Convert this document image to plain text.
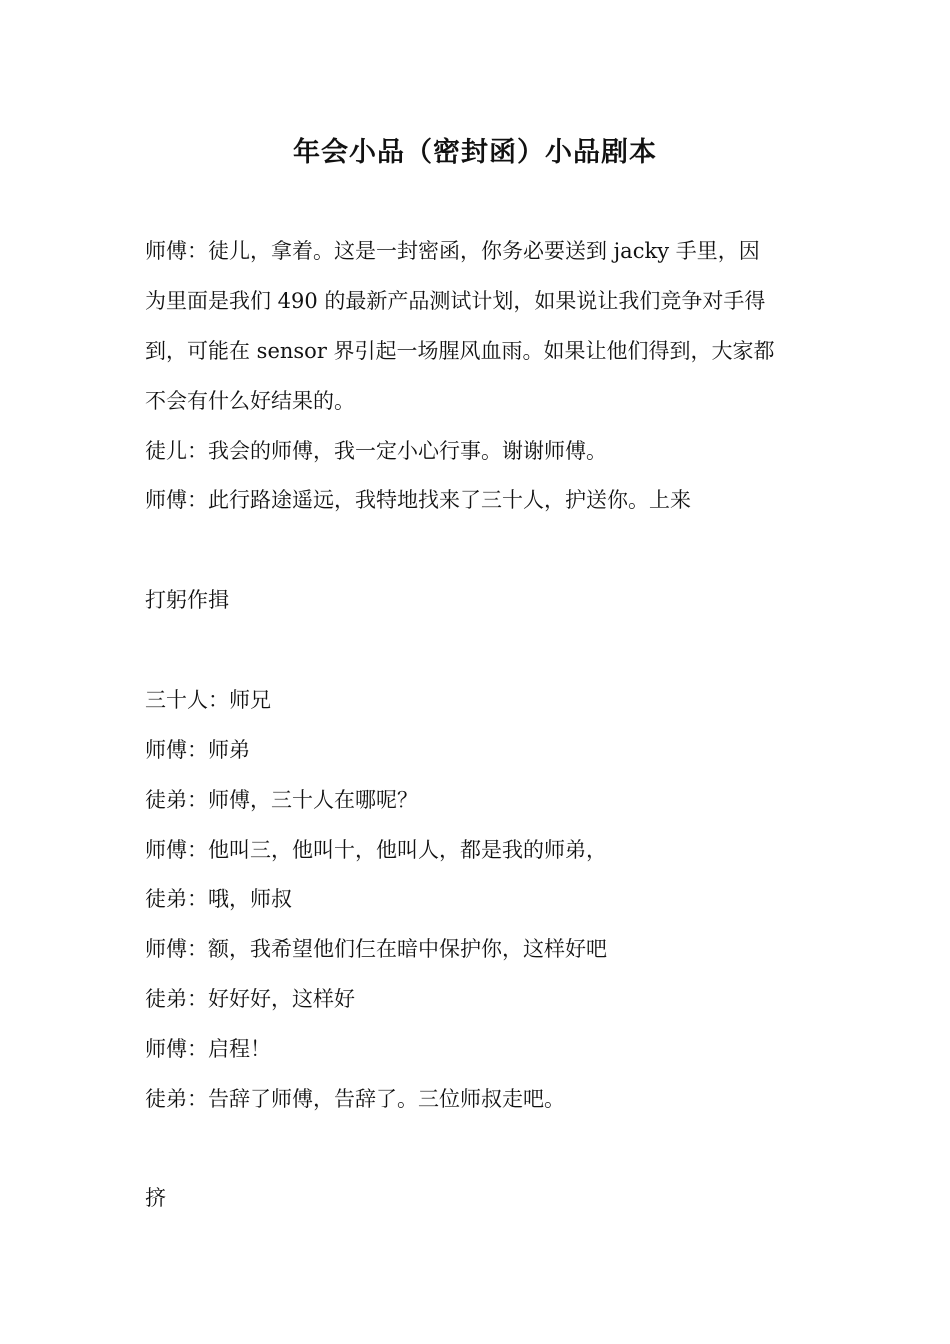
年会小品（密封函）小品剧本
师傅：徒儿，拿着。这是一封密函，你务必要送到 jacky 手里，因
为里面是我们 490 的最新产品测试计划，如果说让我们竞争对手得
到，可能在 sensor 界引起一场腥风血雨。如果让他们得到，大家都
不会有什么好结果的。
徒儿：我会的师傅，我一定小心行事。谢谢师傅。
师傅：此行路途遥远，我特地找来了三十人，护送你。上来
打躬作揖
三十人：师兄
师傅：师弟
徒弟：师傅，三十人在哪呢？
师傅：他叫三，他叫十，他叫人，都是我的师弟，
徒弟：哦，师叔
师傅：额，我希望他们仨在暗中保护你，这样好吧
徒弟：好好好，这样好
师傅：启程！
徒弟：告辞了师傅，告辞了。三位师叔走吧。
挤
